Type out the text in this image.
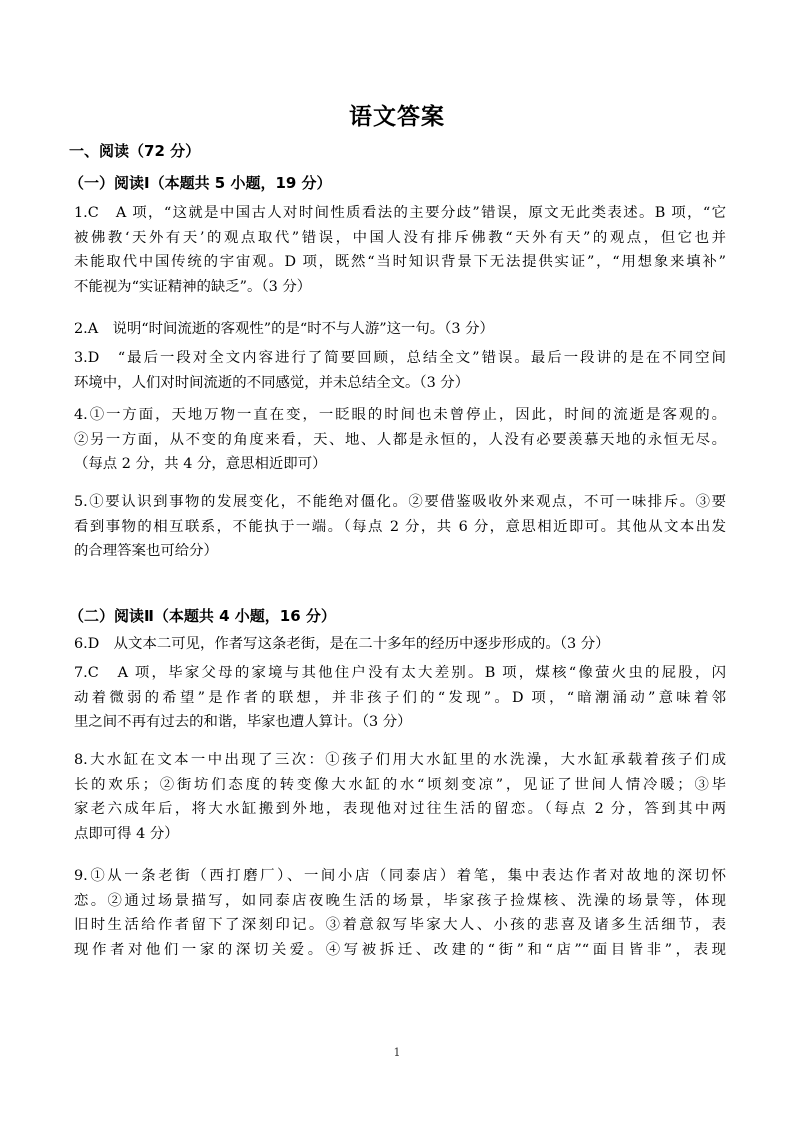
语文答案
一、阅读（72 分）
（一）阅读Ⅰ（本题共 5 小题，19 分）
1.C　A 项，“这就是中国古人对时间性质看法的主要分歧”错误，原文无此类表述。B 项，“它
被佛教‘天外有天’的观点取代”错误，中国人没有排斥佛教“天外有天”的观点，但它也并
未能取代中国传统的宇宙观。D 项，既然“当时知识背景下无法提供实证”，“用想象来填补”
不能视为“实证精神的缺乏”。（3 分）
2.A　说明“时间流逝的客观性”的是“时不与人游”这一句。（3 分）
3.D　“最后一段对全文内容进行了简要回顾，总结全文”错误。最后一段讲的是在不同空间
环境中，人们对时间流逝的不同感觉，并未总结全文。（3 分）
4.①一方面，天地万物一直在变，一眨眼的时间也未曾停止，因此，时间的流逝是客观的。
②另一方面，从不变的角度来看，天、地、人都是永恒的，人没有必要羡慕天地的永恒无尽。
（每点 2 分，共 4 分，意思相近即可）
5.①要认识到事物的发展变化，不能绝对僵化。②要借鉴吸收外来观点，不可一味排斥。③要
看到事物的相互联系，不能执于一端。（每点 2 分，共 6 分，意思相近即可。其他从文本出发
的合理答案也可给分）
（二）阅读Ⅱ（本题共 4 小题，16 分）
6.D　从文本二可见，作者写这条老街，是在二十多年的经历中逐步形成的。（3 分）
7.C　A 项，毕家父母的家境与其他住户没有太大差别。B 项，煤核“像萤火虫的屁股，闪
动着微弱的希望”是作者的联想，并非孩子们的“发现”。D 项，“暗潮涌动”意味着邻
里之间不再有过去的和谐，毕家也遭人算计。（3 分）
8.大水缸在文本一中出现了三次：①孩子们用大水缸里的水洗澡，大水缸承载着孩子们成
长的欢乐；②街坊们态度的转变像大水缸的水“顷刻变凉”，见证了世间人情冷暖；③毕
家老六成年后，将大水缸搬到外地，表现他对过往生活的留恋。（每点 2 分，答到其中两
点即可得 4 分）
9.①从一条老街（西打磨厂）、一间小店（同泰店）着笔，集中表达作者对故地的深切怀
恋。②通过场景描写，如同泰店夜晚生活的场景，毕家孩子捡煤核、洗澡的场景等，体现
旧时生活给作者留下了深刻印记。③着意叙写毕家大人、小孩的悲喜及诸多生活细节，表
现作者对他们一家的深切关爱。④写被拆迁、改建的“街”和“店”“面目皆非”，表现
1
